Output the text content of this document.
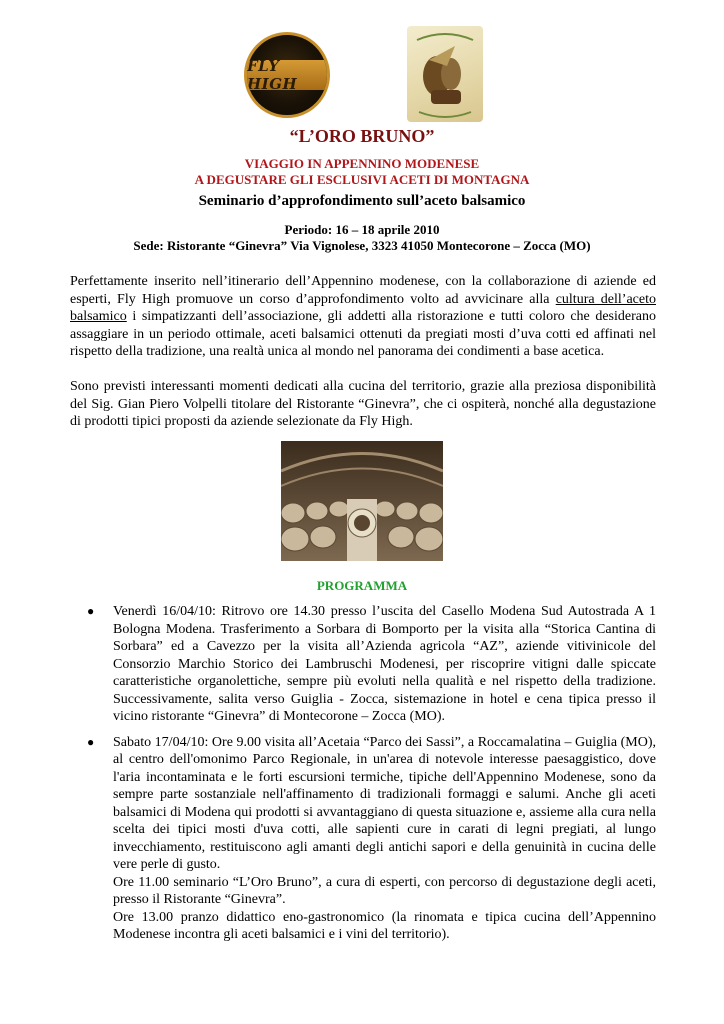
FLY HIGH
“L’ORO BRUNO”
VIAGGIO IN APPENNINO MODENESE
A DEGUSTARE GLI ESCLUSIVI ACETI DI MONTAGNA
Seminario d’approfondimento sull’aceto balsamico
Periodo: 16 – 18 aprile 2010
Sede: Ristorante “Ginevra” Via Vignolese, 3323 41050 Montecorone – Zocca (MO)

Perfettamente inserito nell’itinerario dell’Appennino modenese, con la collaborazione di aziende ed esperti, Fly High promuove un corso d’approfondimento volto ad avvicinare alla cultura dell’aceto balsamico i simpatizzanti dell’associazione, gli addetti alla ristorazione e tutti coloro che desiderano assaggiare in un periodo ottimale, aceti balsamici ottenuti da pregiati mosti d’uva cotti ed affinati nel rispetto della tradizione, una realtà unica al mondo nel panorama dei condimenti a base acetica.

Sono previsti interessanti momenti dedicati alla cucina del territorio, grazie alla preziosa disponibilità del Sig. Gian Piero Volpelli titolare del Ristorante “Ginevra”, che ci ospiterà, nonché alla degustazione di prodotti tipici proposti da aziende selezionate da Fly High.

PROGRAMMA
● Venerdì 16/04/10: Ritrovo ore 14.30 presso l’uscita del Casello Modena Sud Autostrada A 1 Bologna Modena. Trasferimento a Sorbara di Bomporto per la visita alla “Storica Cantina di Sorbara” ed a Cavezzo per la visita all’Azienda agricola “AZ”, aziende vitivinicole del Consorzio Marchio Storico dei Lambruschi Modenesi, per riscoprire vitigni dalle spiccate caratteristiche organolettiche, sempre più evoluti nella qualità e nel rispetto della tradizione. Successivamente, salita verso Guiglia - Zocca, sistemazione in hotel e cena tipica presso il vicino ristorante “Ginevra” di Montecorone – Zocca (MO).
● Sabato 17/04/10: Ore 9.00 visita all’Acetaia “Parco dei Sassi”, a Roccamalatina – Guiglia (MO), al centro dell'omonimo Parco Regionale, in un'area di notevole interesse paesaggistico, dove l'aria incontaminata e le forti escursioni termiche, tipiche dell'Appennino Modenese, sono da sempre parte sostanziale nell'affinamento di tradizionali formaggi e salumi. Anche gli aceti balsamici di Modena qui prodotti si avvantaggiano di questa situazione e, assieme alla cura nella scelta dei tipici mosti d'uva cotti, alle sapienti cure in carati di legni pregiati, al lungo invecchiamento, restituiscono agli amanti degli antichi sapori e della genuinità in cucina delle vere perle di gusto.
Ore 11.00 seminario “L’Oro Bruno”, a cura di esperti, con percorso di degustazione degli aceti, presso il Ristorante “Ginevra”.
Ore 13.00 pranzo didattico eno-gastronomico (la rinomata e tipica cucina dell’Appennino Modenese incontra gli aceti balsamici e i vini del territorio).
